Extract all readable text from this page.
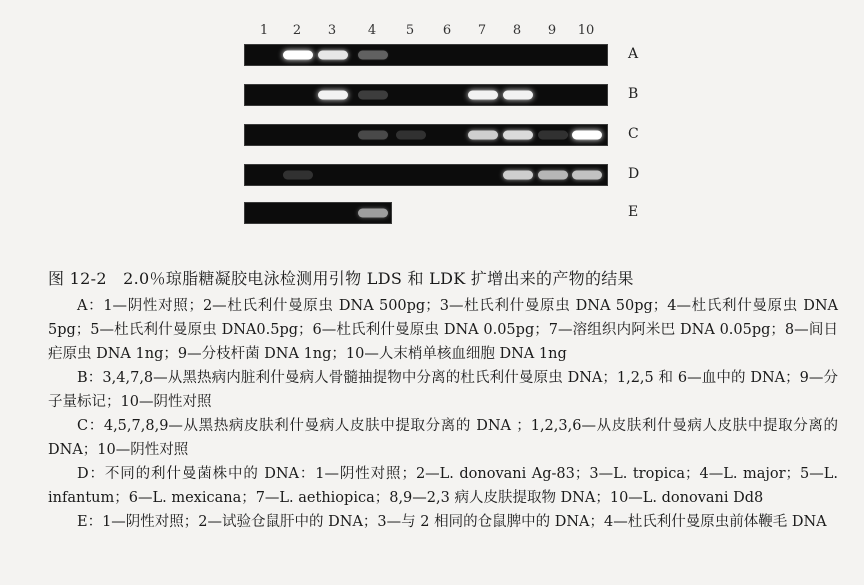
1	2	3	4	5	6	7	8	9	10
A
B
C
D
E
图 12-2　2.0％琼脂糖凝胶电泳检测用引物 LDS 和 LDK 扩增出来的产物的结果

A：1—阴性对照；2—杜氏利什曼原虫 DNA 500pg；3—杜氏利什曼原虫 DNA 50pg；4—杜氏利什曼原虫 DNA 5pg；5—杜氏利什曼原虫 DNA0.5pg；6—杜氏利什曼原虫 DNA 0.05pg；7—溶组织内阿米巴 DNA 0.05pg；8—间日疟原虫 DNA 1ng；9—分枝杆菌 DNA 1ng；10—人末梢单核血细胞 DNA 1ng

B：3,4,7,8—从黑热病内脏利什曼病人骨髓抽提物中分离的杜氏利什曼原虫 DNA；1,2,5 和 6—血中的 DNA；9—分子量标记；10—阴性对照

C：4,5,7,8,9—从黑热病皮肤利什曼病人皮肤中提取分离的 DNA ；1,2,3,6—从皮肤利什曼病人皮肤中提取分离的 DNA；10—阴性对照

D：不同的利什曼菌株中的 DNA：1—阴性对照；2—L. donovani Ag-83；3—L. tropica；4—L. major；5—L. infantum；6—L. mexicana；7—L. aethiopica；8,9—2,3 病人皮肤提取物 DNA；10—L. donovani Dd8

E：1—阴性对照；2—试验仓鼠肝中的 DNA；3—与 2 相同的仓鼠脾中的 DNA；4—杜氏利什曼原虫前体鞭毛 DNA
